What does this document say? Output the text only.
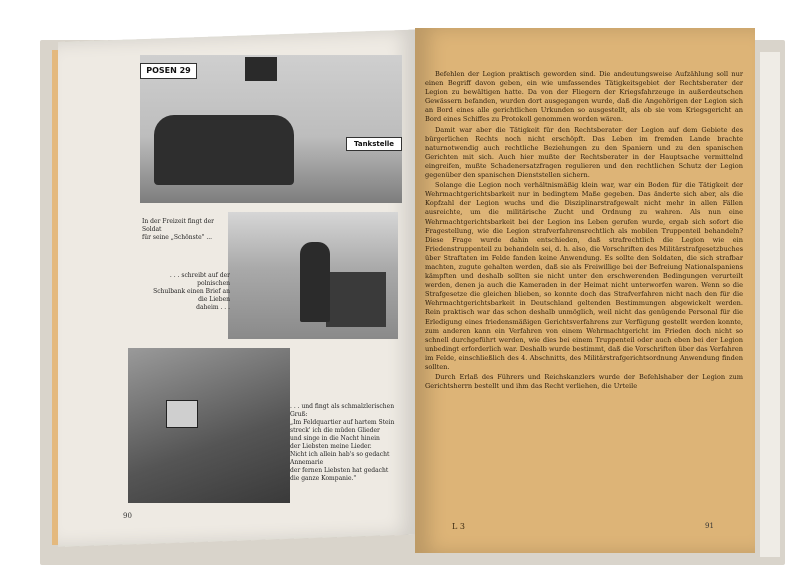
POSEN 29
Tankstelle
In der Freizeit fingt der Soldat
für seine „Schönste" ...
. . . schreibt auf der polnischen
Schulbank einen Brief an die Lieben
daheim . . .
. . . und fingt als schmalzlerischen
Gruß:
„Im Feldquartier auf hartem Stein
streck' ich die müden Glieder
und singe in die Nacht hinein
der Liebsten meine Lieder.
Nicht ich allein hab's so gedacht
Annemarie
der fernen Liebsten hat gedacht
die ganze Kompanie."
90

Befehlen der Legion praktisch geworden sind. Die andeutungsweise Aufzählung soll nur einen Begriff davon geben, ein wie umfassendes Tätigkeitsgebiet der Rechtsberater der Legion zu bewältigen hatte. Da von der Fliegern der Kriegsfahrzeuge in außerdeutschen Gewässern befanden, wurden dort ausgegangen wurde, daß die Angehörigen der Legion sich an Bord eines alle gerichtlichen Urkunden so ausgestellt, als ob sie vom Kriegsgericht an Bord eines Schiffes zu Protokoll genommen worden wären.

Damit war aber die Tätigkeit für den Rechtsberater der Legion auf dem Gebiete des bürgerlichen Rechts noch nicht erschöpft. Das Leben im fremden Lande brachte naturnotwendig auch rechtliche Beziehungen zu den Spaniern und zu den spanischen Gerichten mit sich. Auch hier mußte der Rechtsberater in der Hauptsache vermittelnd eingreifen, mußte Schadenersatzfragen regulieren und den rechtlichen Schutz der Legion gegenüber den spanischen Dienststellen sichern.

Solange die Legion noch verhältnismäßig klein war, war ein Boden für die Tätigkeit der Wehrmachtgerichtsbarkeit nur in bedingtem Maße gegeben. Das änderte sich aber, als die Kopfzahl der Legion wuchs und die Disziplinarstrafgewalt nicht mehr in allen Fällen ausreichte, um die militärische Zucht und Ordnung zu wahren. Als nun eine Wehrmachtgerichtsbarkeit bei der Legion ins Leben gerufen wurde, ergab sich sofort die Fragestellung, wie die Legion strafverfahrensrechtlich als mobilen Truppenteil behandeln? Diese Frage wurde dahin entschieden, daß strafrechtlich die Legion wie ein Friedenstruppenteil zu behandeln sei, d. h. also, die Vorschriften des Militärstrafgesetzbuches über Straftaten im Felde fanden keine Anwendung. Es sollte den Soldaten, die sich strafbar machten, zugute gehalten werden, daß sie als Freiwillige bei der Befreiung Nationalspaniens kämpften und deshalb sollten sie nicht unter den erschwerenden Bedingungen verurteilt werden, denen ja auch die Kameraden in der Heimat nicht unterworfen waren. Wenn so die Strafgesetze die gleichen blieben, so konnte doch das Strafverfahren nicht nach den für die Wehrmachtgerichtsbarkeit in Deutschland geltenden Bestimmungen abgewickelt werden. Rein praktisch war das schon deshalb unmöglich, weil nicht das genügende Personal für die Erledigung eines friedensmäßigen Gerichtsverfahrens zur Verfügung gestellt werden konnte, zum anderen kann ein Verfahren von einem Wehrmachtgericht im Frieden doch nicht so schnell durchgeführt werden, wie dies bei einem Truppenteil oder auch eben bei der Legion unbedingt erforderlich war. Deshalb wurde bestimmt, daß die Vorschriften über das Verfahren im Felde, einschließlich des 4. Abschnitts, des Militärstrafgerichtsordnung Anwendung finden sollten.

Durch Erlaß des Führers und Reichskanzlers wurde der Befehlshaber der Legion zum Gerichtsherrn bestellt und ihm das Recht verliehen, die Urteile

L 3	91
